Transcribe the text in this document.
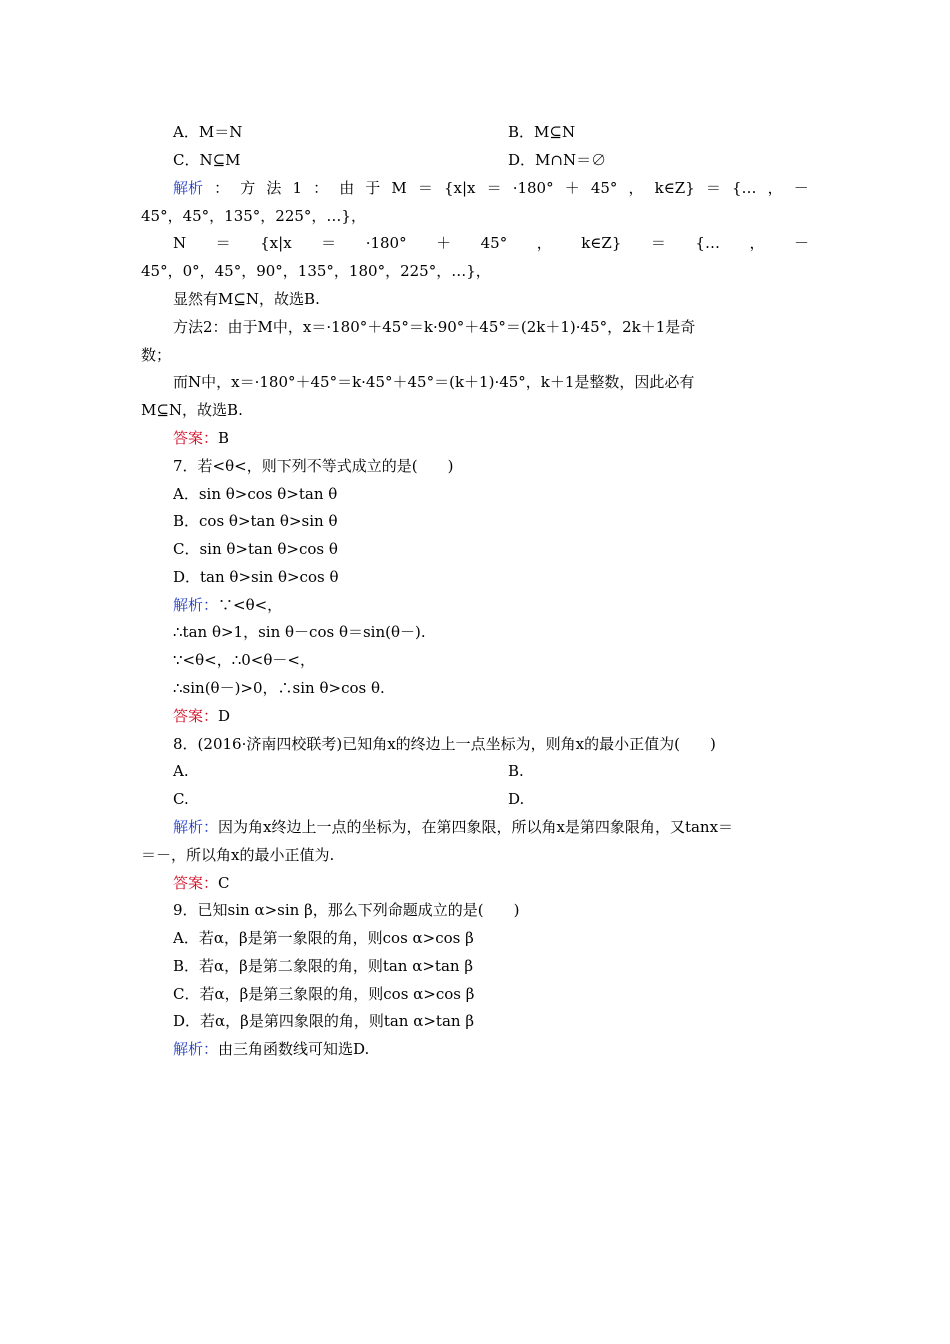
A．M＝N	B．M⊆N
C．N⊆M	D．M∩N＝∅
解析 ： 方 法 1 ： 由 于 M ＝ {x|x ＝ ·180° ＋ 45° ， k∈Z} ＝ {… ， －
45°，45°，135°，225°，…}，
N ＝ {x|x ＝ ·180° ＋ 45° ， k∈Z} ＝ {… ， －
45°，0°，45°，90°，135°，180°，225°，…}，
显然有M⊆N，故选B.
方法2：由于M中，x＝·180°＋45°＝k·90°＋45°＝(2k＋1)·45°，2k＋1是奇
数；
而N中，x＝·180°＋45°＝k·45°＋45°＝(k＋1)·45°，k＋1是整数，因此必有
M⊆N，故选B.
答案：B
7．若<θ<，则下列不等式成立的是(　　)
A．sin θ>cos θ>tan θ
B．cos θ>tan θ>sin θ
C．sin θ>tan θ>cos θ
D．tan θ>sin θ>cos θ
解析：∵<θ<，
∴tan θ>1，sin θ－cos θ＝sin(θ－).
∵<θ<，∴0<θ－<，
∴sin(θ－)>0，∴sin θ>cos θ.
答案：D
8．(2016·济南四校联考)已知角x的终边上一点坐标为，则角x的最小正值为(　　)
A.	B.
C.	D.
解析：因为角x终边上一点的坐标为，在第四象限，所以角x是第四象限角，又tanx＝
＝－，所以角x的最小正值为.
答案：C
9．已知sin α>sin β，那么下列命题成立的是(　　)
A．若α，β是第一象限的角，则cos α>cos β
B．若α，β是第二象限的角，则tan α>tan β
C．若α，β是第三象限的角，则cos α>cos β
D．若α，β是第四象限的角，则tan α>tan β
解析：由三角函数线可知选D.
